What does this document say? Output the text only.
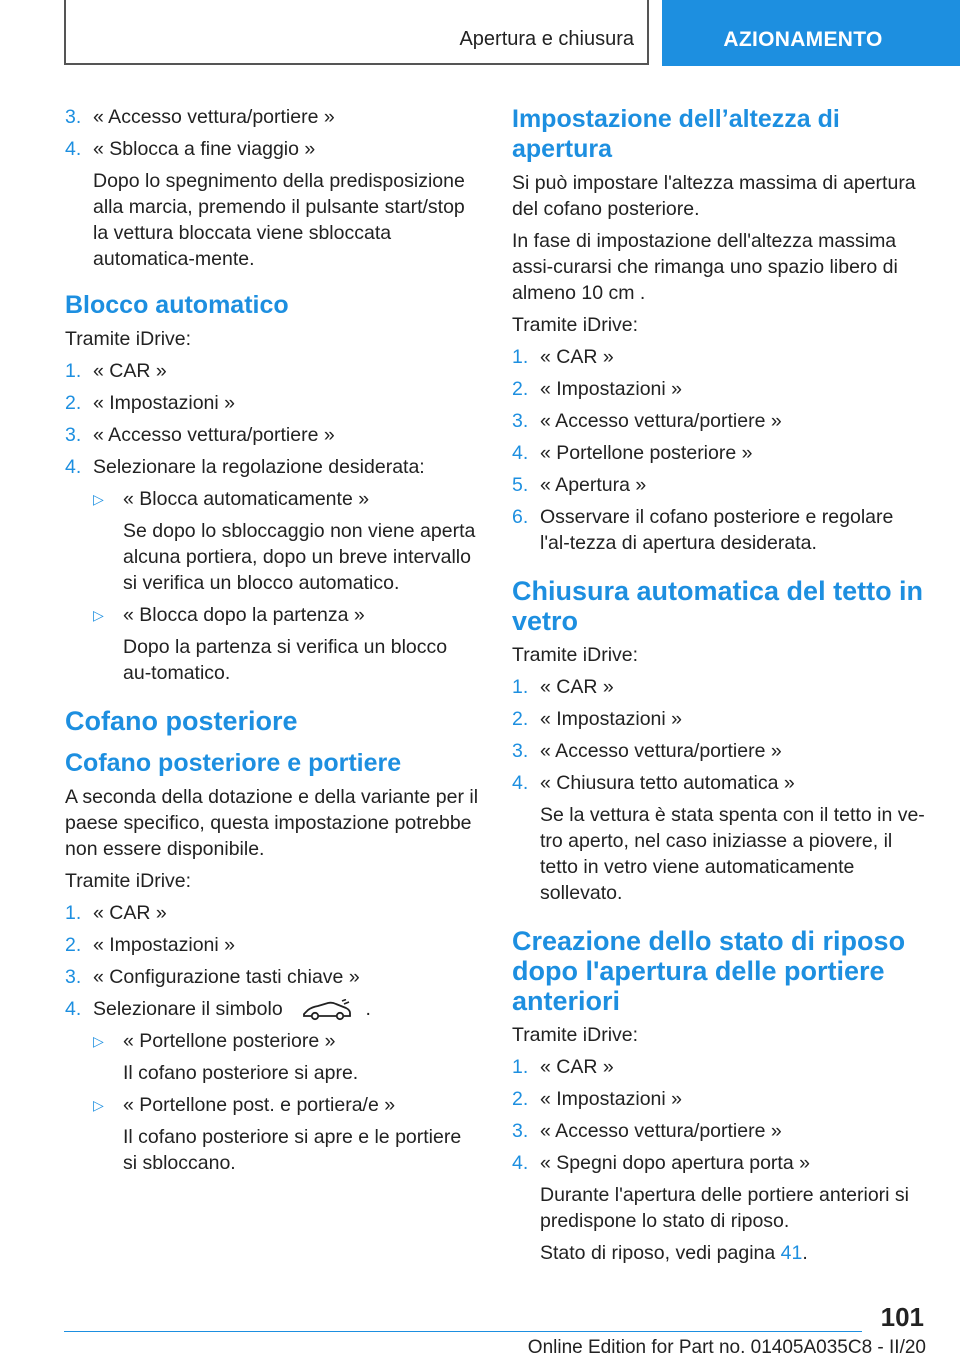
Apertura e chiusura	AZIONAMENTO
3. « Accesso vettura/portiere »
4. « Sblocca a fine viaggio »
Dopo lo spegnimento della predisposizione alla marcia, premendo il pulsante start/stop la vettura bloccata viene sbloccata automatica‐mente.
Blocco automatico
Tramite iDrive:
1. « CAR »
2. « Impostazioni »
3. « Accesso vettura/portiere »
4. Selezionare la regolazione desiderata:
▷ « Blocca automaticamente »
Se dopo lo sbloccaggio non viene aperta alcuna portiera, dopo un breve intervallo si verifica un blocco automatico.
▷ « Blocca dopo la partenza »
Dopo la partenza si verifica un blocco au‐tomatico.
Cofano posteriore
Cofano posteriore e portiere
A seconda della dotazione e della variante per il paese specifico, questa impostazione potrebbe non essere disponibile.
Tramite iDrive:
1. « CAR »
2. « Impostazioni »
3. « Configurazione tasti chiave »
4. Selezionare il simbolo	.
▷ « Portellone posteriore »
Il cofano posteriore si apre.
▷ « Portellone post. e portiera/e »
Il cofano posteriore si apre e le portiere si sbloccano.
Impostazione dell’altezza di apertura
Si può impostare l'altezza massima di apertura del cofano posteriore.
In fase di impostazione dell'altezza massima assi‐curarsi che rimanga uno spazio libero di almeno 10 cm .
Tramite iDrive:
1. « CAR »
2. « Impostazioni »
3. « Accesso vettura/portiere »
4. « Portellone posteriore »
5. « Apertura »
6. Osservare il cofano posteriore e regolare l'al‐tezza di apertura desiderata.
Chiusura automatica del tetto in vetro
Tramite iDrive:
1. « CAR »
2. « Impostazioni »
3. « Accesso vettura/portiere »
4. « Chiusura tetto automatica »
Se la vettura è stata spenta con il tetto in ve‐tro aperto, nel caso iniziasse a piovere, il tetto in vetro viene automaticamente sollevato.
Creazione dello stato di riposo dopo l'apertura delle portiere anteriori
Tramite iDrive:
1. « CAR »
2. « Impostazioni »
3. « Accesso vettura/portiere »
4. « Spegni dopo apertura porta »
Durante l'apertura delle portiere anteriori si predispone lo stato di riposo.
Stato di riposo, vedi pagina 41.
101
Online Edition for Part no. 01405A035C8 - II/20
